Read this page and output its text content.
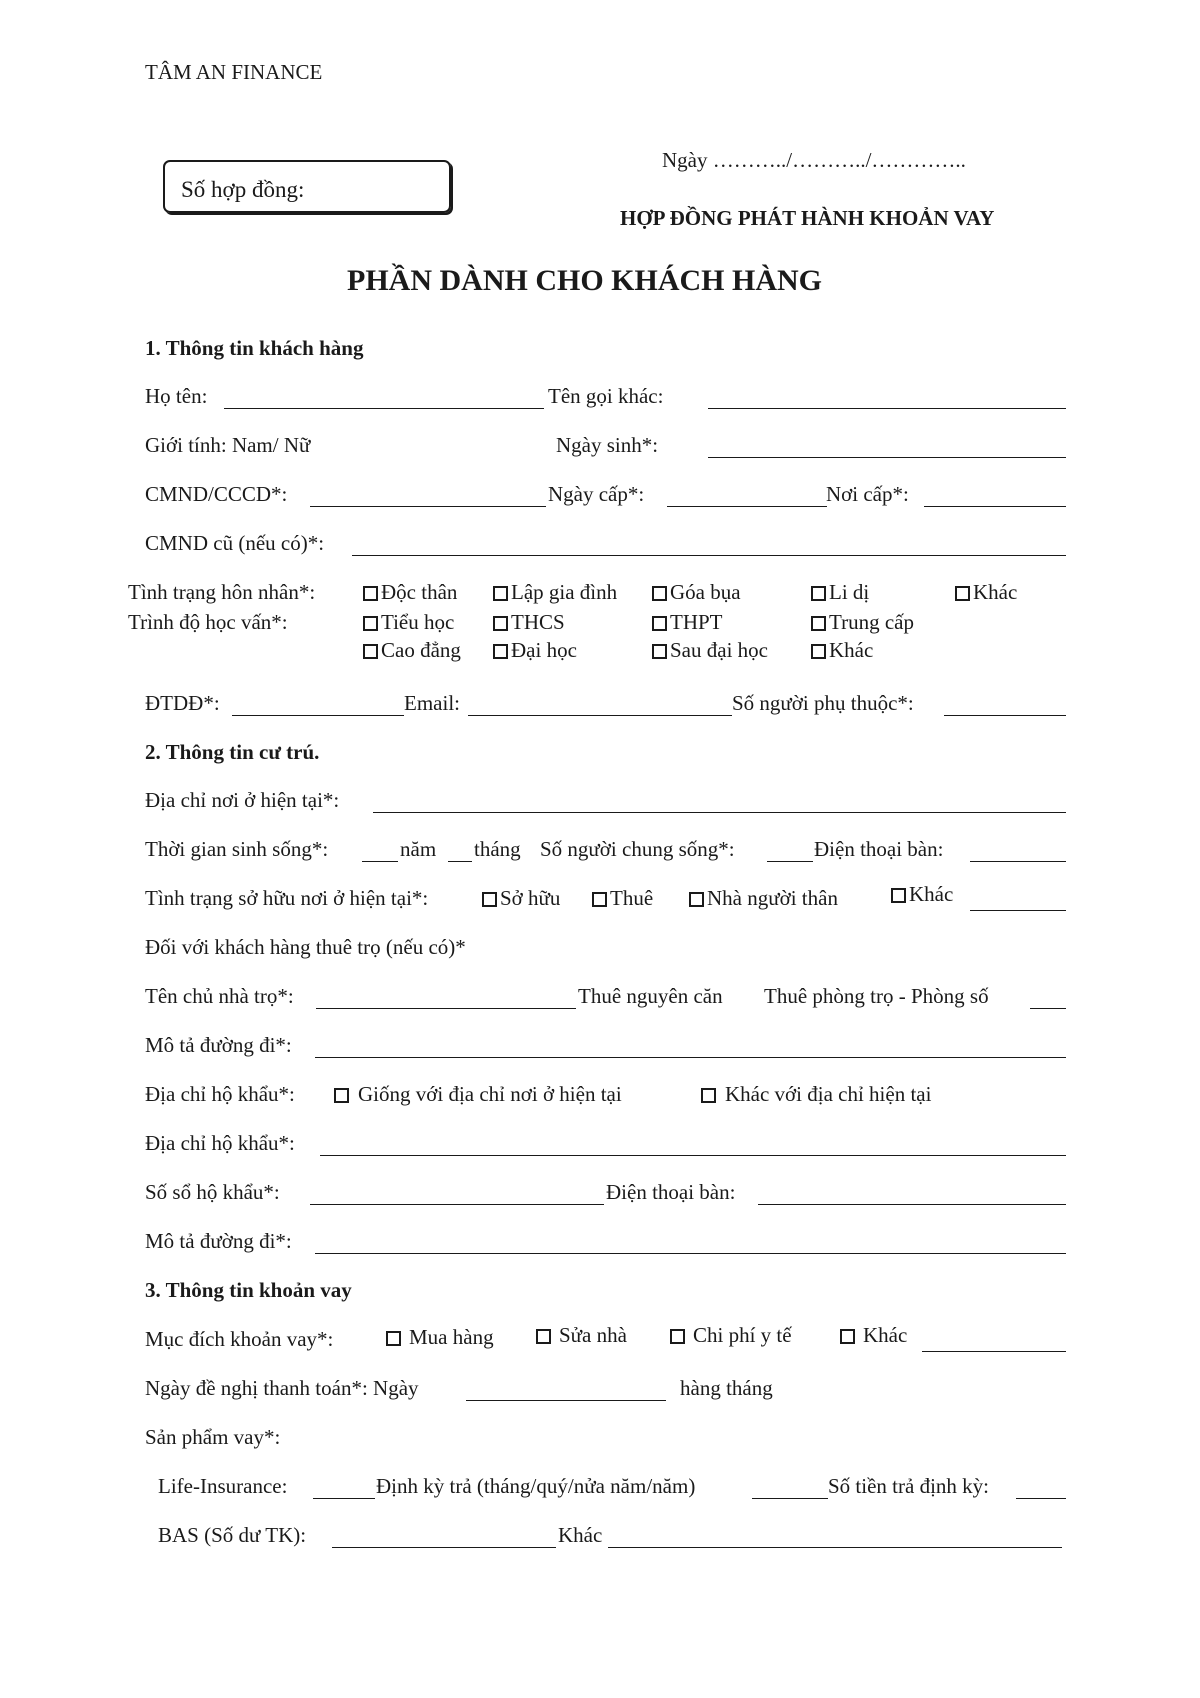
TÂM AN FINANCE
Số hợp đồng:
Ngày ………../………../…………..
HỢP ĐỒNG PHÁT HÀNH KHOẢN VAY
PHẦN DÀNH CHO KHÁCH HÀNG
1. Thông tin khách hàng
Họ tên:	Tên gọi khác:
Giới tính: Nam/ Nữ	Ngày sinh*:
CMND/CCCD*:	Ngày cấp*:	Nơi cấp*:
CMND cũ (nếu có)*:
Tình trạng hôn nhân*:	Độc thân	Lập gia đình	Góa bụa	Li dị	Khác
Trình độ học vấn*:	Tiểu học	THCS	THPT	Trung cấp
Cao đẳng	Đại học	Sau đại học	Khác
ĐTDĐ*:	Email:	Số người phụ thuộc*:
2. Thông tin cư trú.
Địa chỉ nơi ở hiện tại*:
Thời gian sinh sống*:	năm tháng Số người chung sống*:	Điện thoại bàn:
Tình trạng sở hữu nơi ở hiện tại*:	Sở hữu	Thuê	Nhà người thân	Khác
Đối với khách hàng thuê trọ (nếu có)*
Tên chủ nhà trọ*:	Thuê nguyên căn Thuê phòng trọ - Phòng số
Mô tả đường đi*:
Địa chỉ hộ khẩu*:	Giống với địa chỉ nơi ở hiện tại	Khác với địa chỉ hiện tại
Địa chỉ hộ khẩu*:
Số sổ hộ khẩu*:	Điện thoại bàn:
Mô tả đường đi*:
3. Thông tin khoản vay
Mục đích khoản vay*:	Mua hàng	Sửa nhà	Chi phí y tế	Khác
Ngày đề nghị thanh toán*: Ngày	hàng tháng
Sản phẩm vay*:
Life-Insurance:	Định kỳ trả (tháng/quý/nửa năm/năm)	Số tiền trả định kỳ:
BAS (Số dư TK):	Khác
